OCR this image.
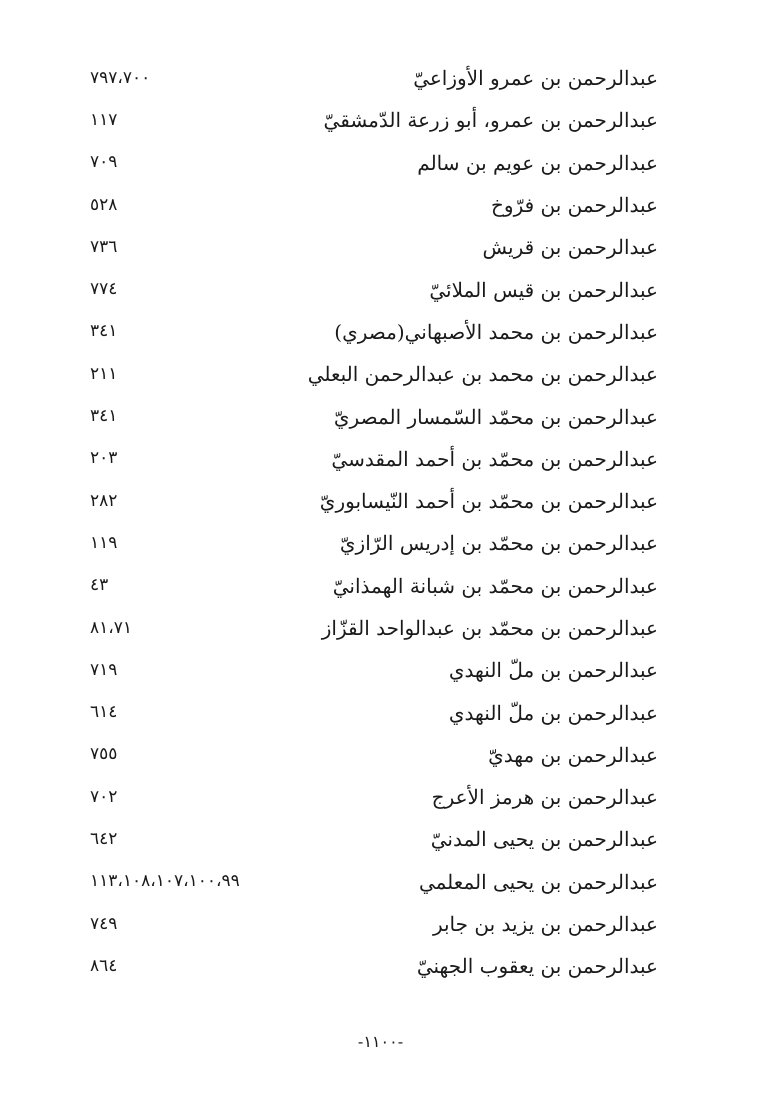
عبدالرحمن بن عمرو الأوزاعيّ
٧٩٧،٧٠٠
عبدالرحمن بن عمرو، أبو زرعة الدّمشقيّ
١١٧
عبدالرحمن بن عويم بن سالم
٧٠٩
عبدالرحمن بن فرّوخ
٥٢٨
عبدالرحمن بن قريش
٧٣٦
عبدالرحمن بن قيس الملائيّ
٧٧٤
عبدالرحمن بن محمد الأصبهاني(مصري)
٣٤١
عبدالرحمن بن محمد بن عبدالرحمن البعلي
٢١١
عبدالرحمن بن محمّد السّمسار المصريّ
٣٤١
عبدالرحمن بن محمّد بن أحمد المقدسيّ
٢٠٣
عبدالرحمن بن محمّد بن أحمد النّيسابوريّ
٢٨٢
عبدالرحمن بن محمّد بن إدريس الرّازيّ
١١٩
عبدالرحمن بن محمّد بن شبانة الهمذانيّ
٤٣
عبدالرحمن بن محمّد بن عبدالواحد القزّاز
٨١،٧١
عبدالرحمن بن ملّ النهدي
٧١٩
عبدالرحمن بن ملّ النهدي
٦١٤
عبدالرحمن بن مهديّ
٧٥٥
عبدالرحمن بن هرمز الأعرج
٧٠٢
عبدالرحمن بن يحيى المدنيّ
٦٤٢
عبدالرحمن بن يحيى المعلمي
١١٣،١٠٨،١٠٧،١٠٠،٩٩
عبدالرحمن بن يزيد بن جابر
٧٤٩
عبدالرحمن بن يعقوب الجهنيّ
٨٦٤
-١١٠٠-
